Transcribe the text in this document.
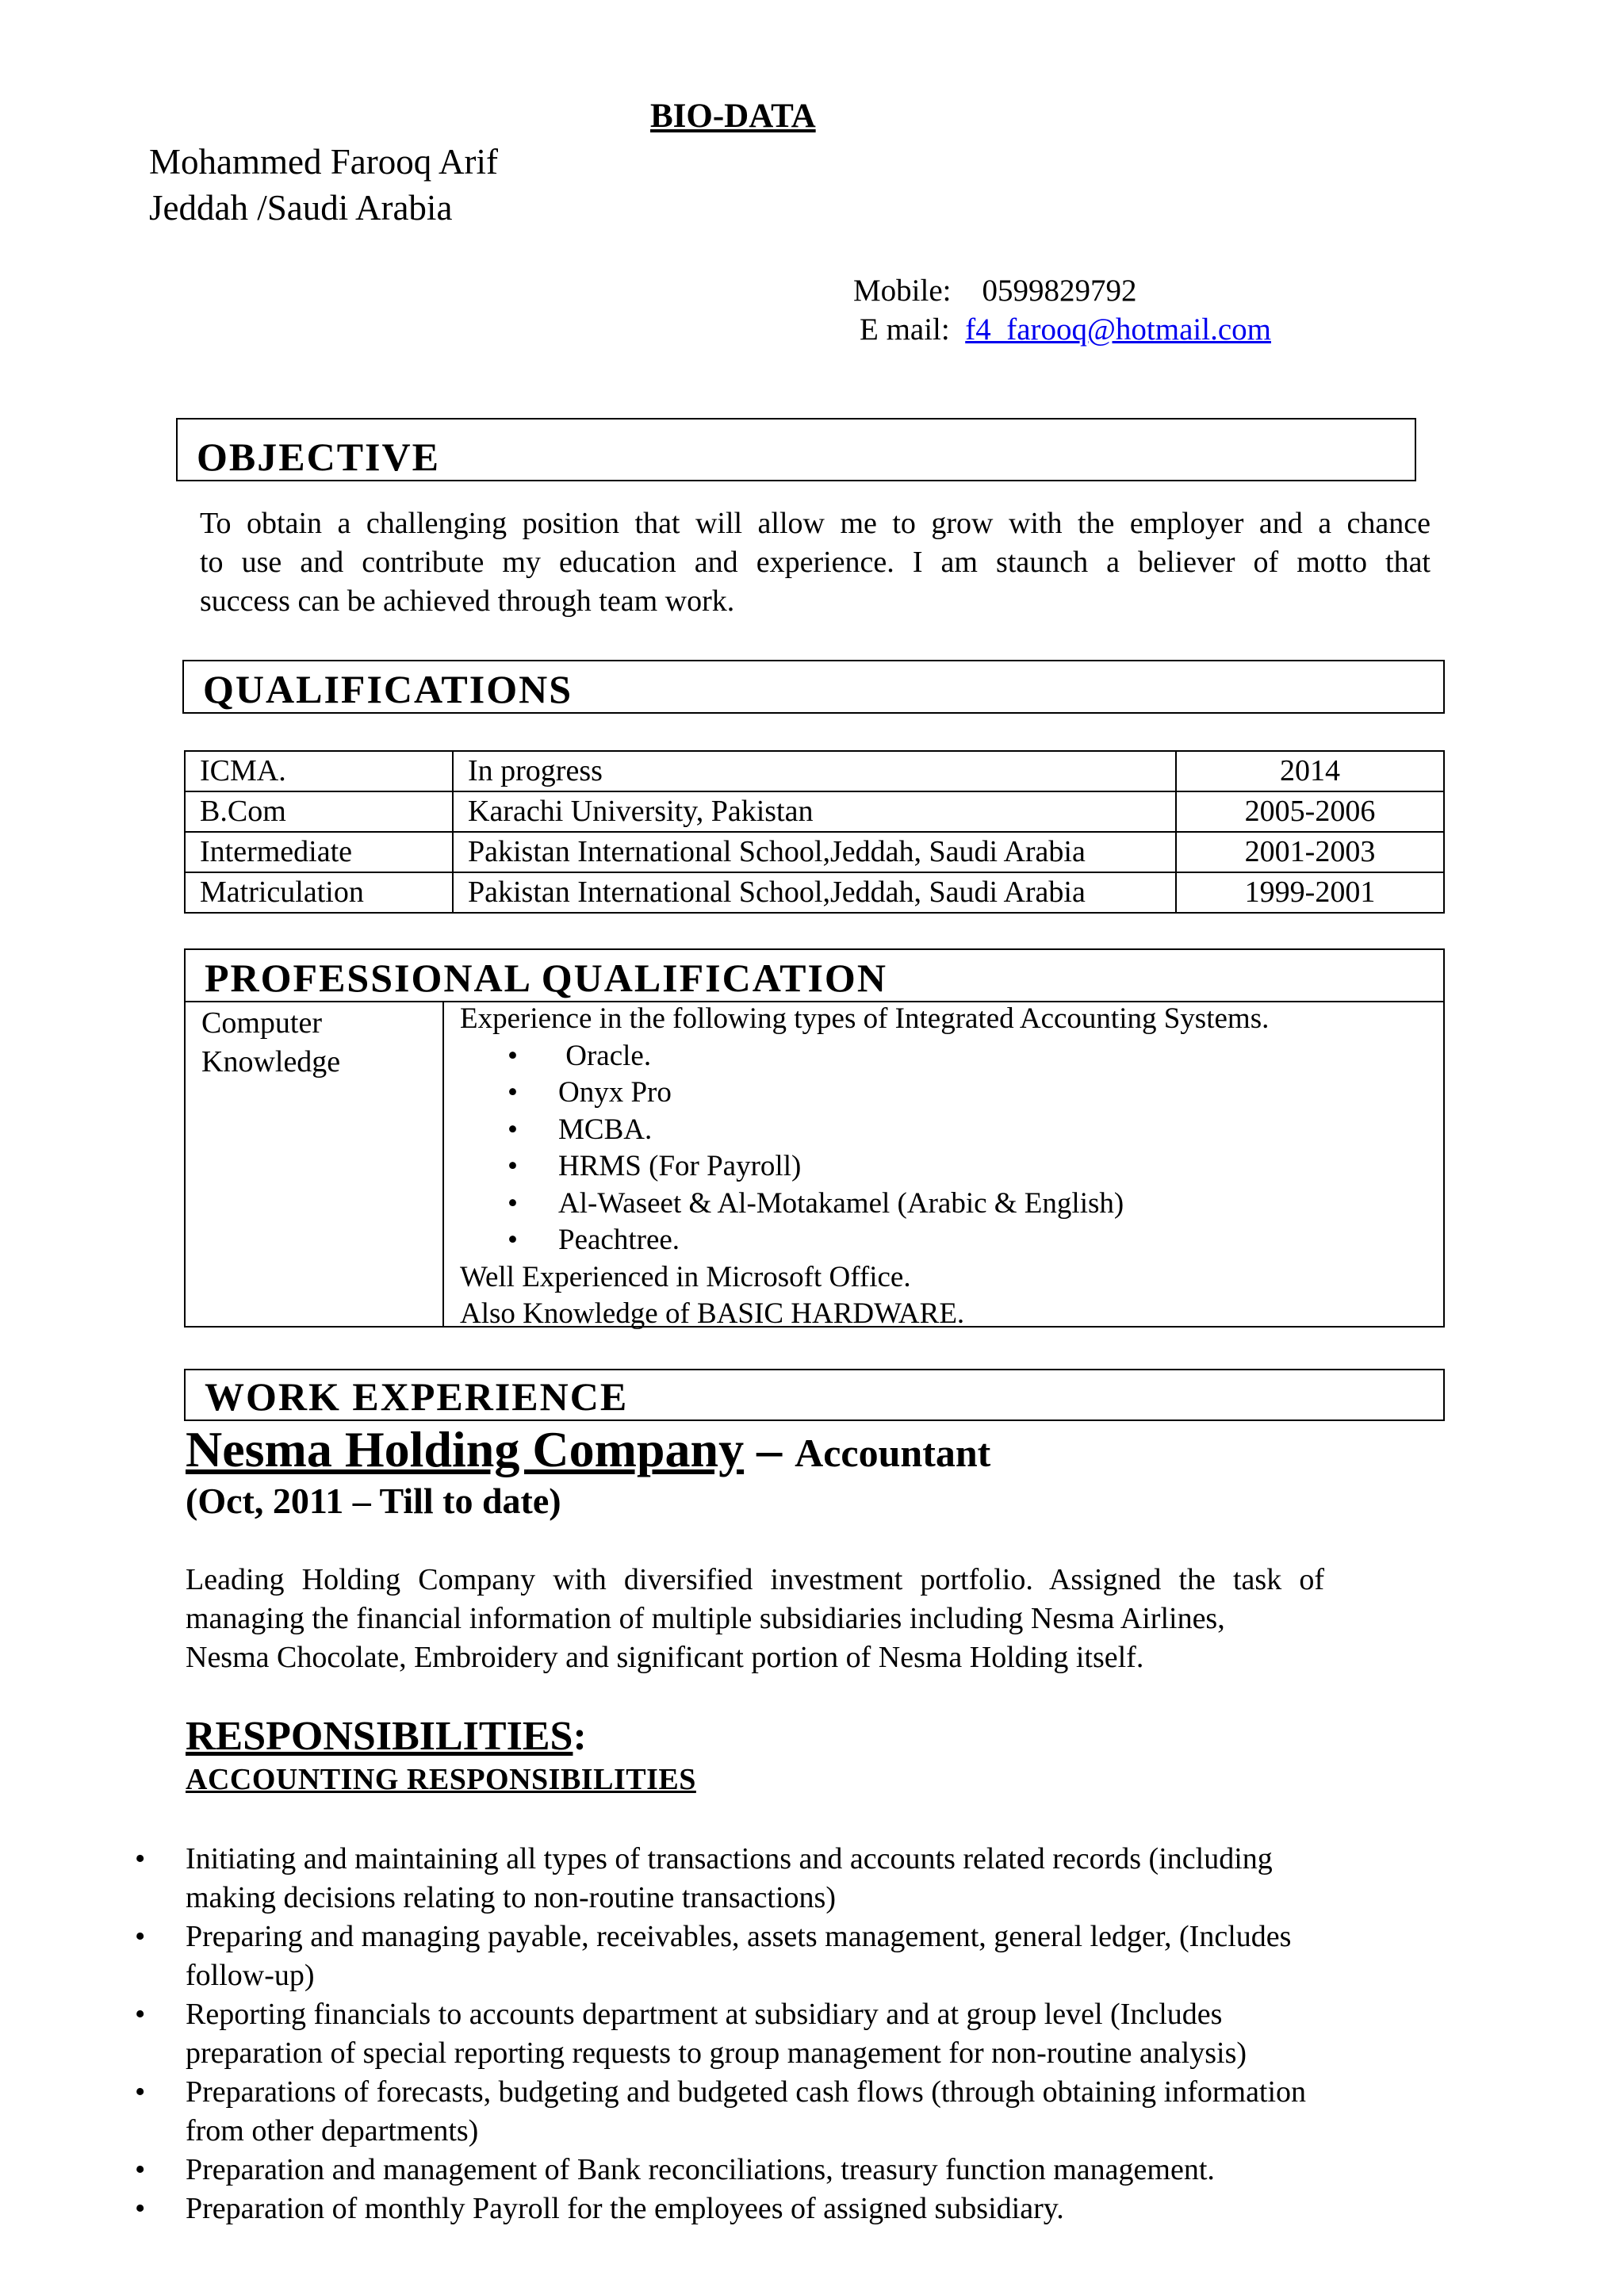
BIO-DATA
Mohammed Farooq Arif
Jeddah /Saudi Arabia
Mobile: 0599829792
E mail: f4_farooq@hotmail.com
OBJECTIVE
To obtain a challenging position that will allow me to grow with the employer and a chance
to use and contribute my education and experience. I am staunch a believer of motto that
success can be achieved through team work.
QUALIFICATIONS
ICMA.	In progress	2014
B.Com	Karachi University, Pakistan	2005-2006
Intermediate	Pakistan International School,Jeddah, Saudi Arabia	2001-2003
Matriculation	Pakistan International School,Jeddah, Saudi Arabia	1999-2001
PROFESSIONAL QUALIFICATION
Computer
Knowledge
Experience in the following types of Integrated Accounting Systems.
• Oracle.
• Onyx Pro
• MCBA.
• HRMS (For Payroll)
• Al-Waseet & Al-Motakamel (Arabic & English)
• Peachtree.
Well Experienced in Microsoft Office.
Also Knowledge of BASIC HARDWARE.
WORK EXPERIENCE
Nesma Holding Company – Accountant
(Oct, 2011 – Till to date)
Leading Holding Company with diversified investment portfolio. Assigned the task of
managing the financial information of multiple subsidiaries including Nesma Airlines,
Nesma Chocolate, Embroidery and significant portion of Nesma Holding itself.
RESPONSIBILITIES:
ACCOUNTING RESPONSIBILITIES
• Initiating and maintaining all types of transactions and accounts related records (including
making decisions relating to non-routine transactions)
• Preparing and managing payable, receivables, assets management, general ledger, (Includes
follow-up)
• Reporting financials to accounts department at subsidiary and at group level (Includes
preparation of special reporting requests to group management for non-routine analysis)
• Preparations of forecasts, budgeting and budgeted cash flows (through obtaining information
from other departments)
• Preparation and management of Bank reconciliations, treasury function management.
• Preparation of monthly Payroll for the employees of assigned subsidiary.
